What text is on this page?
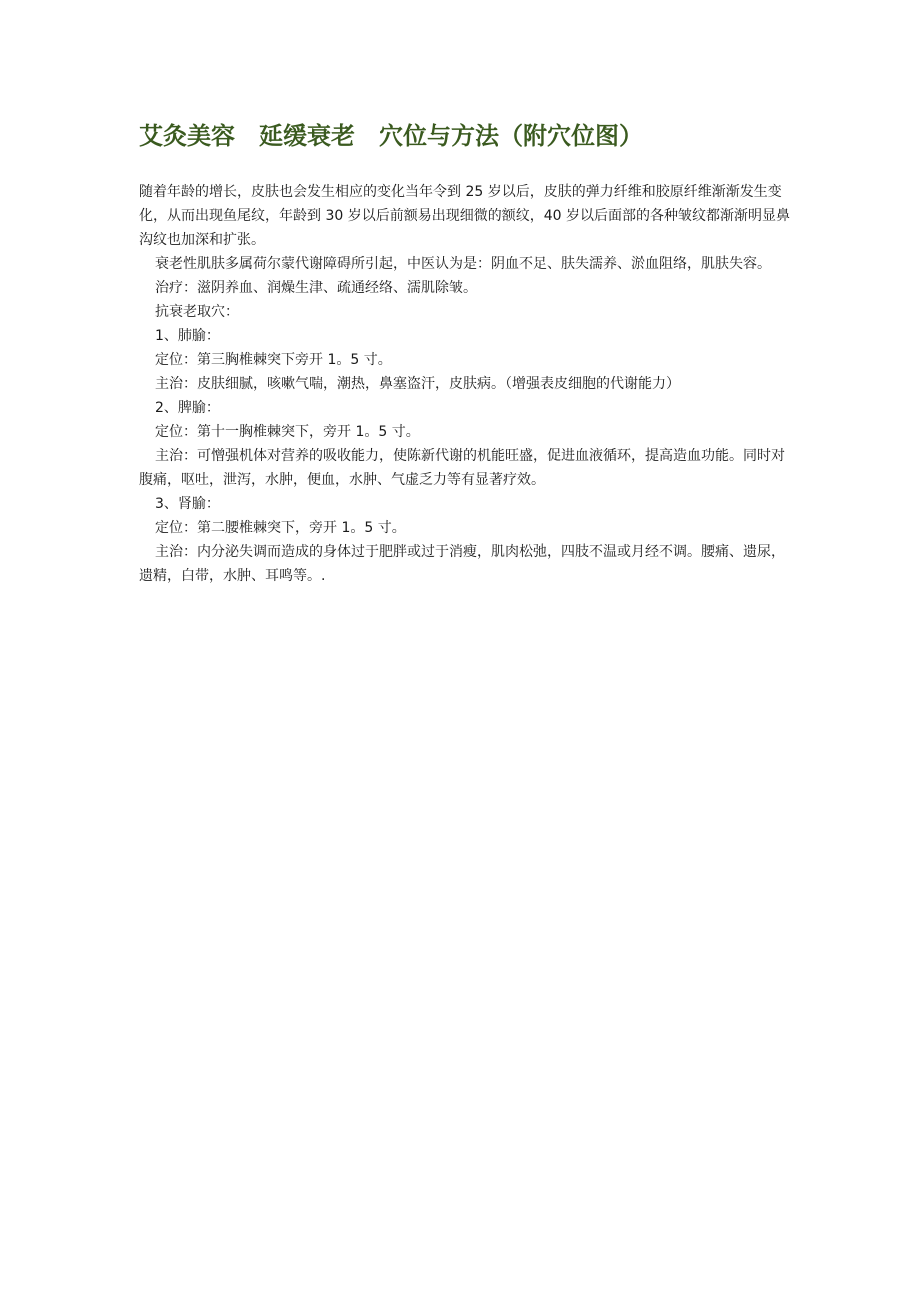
艾灸美容　延缓衰老　穴位与方法（附穴位图）

随着年龄的增长，皮肤也会发生相应的变化当年令到 25 岁以后，皮肤的弹力纤维和胶原纤维渐渐发生变化，从而出现鱼尾纹，年龄到 30 岁以后前额易出现细微的额纹，40 岁以后面部的各种皱纹都渐渐明显鼻沟纹也加深和扩张。

衰老性肌肤多属荷尔蒙代谢障碍所引起，中医认为是：阴血不足、肤失濡养、淤血阻络，肌肤失容。

治疗：滋阴养血、润燥生津、疏通经络、濡肌除皱。

抗衰老取穴：

1、肺腧：

定位：第三胸椎棘突下旁开 1。5 寸。

主治：皮肤细腻，咳嗽气喘，潮热，鼻塞盗汗，皮肤病。（增强表皮细胞的代谢能力）

2、脾腧：

定位：第十一胸椎棘突下，旁开 1。5 寸。

主治：可憎强机体对营养的吸收能力，使陈新代谢的机能旺盛，促进血液循环，提高造血功能。同时对腹痛，呕吐，泄泻，水肿，便血，水肿、气虚乏力等有显著疗效。

3、肾腧：

定位：第二腰椎棘突下，旁开 1。5 寸。

主治：内分泌失调而造成的身体过于肥胖或过于消瘦，肌肉松弛，四肢不温或月经不调。腰痛、遗尿，遗精，白带，水肿、耳鸣等。.
